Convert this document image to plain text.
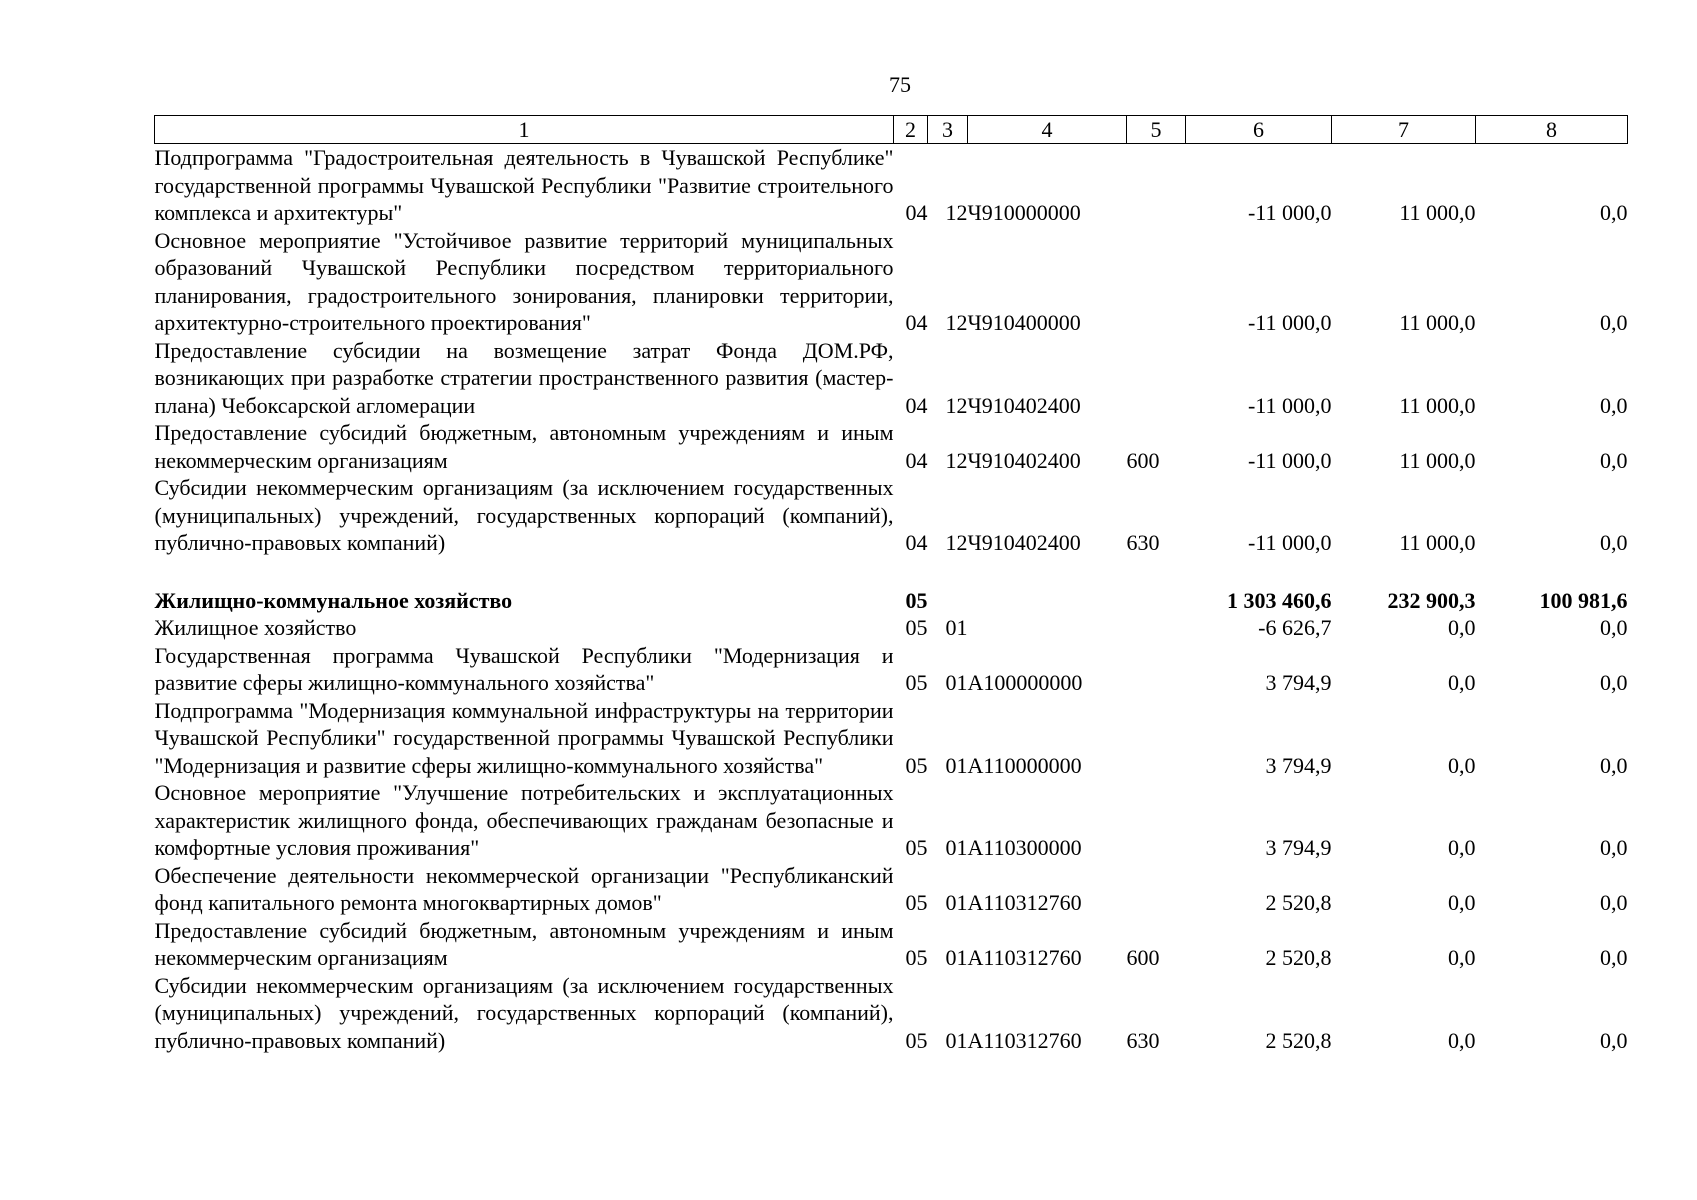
75
1	2	3	4	5	6	7	8
Подпрограмма "Градостроительная деятельность в Чувашской Республике" государственной программы Чувашской Республики "Развитие строительного комплекса и архитектуры"	04	12	Ч910000000		-11 000,0	11 000,0	0,0
Основное мероприятие "Устойчивое развитие территорий муниципальных образований Чувашской Республики посредством территориального планирования, градостроительного зонирования, планировки территории, архитектурно-строительного проектирования"	04	12	Ч910400000		-11 000,0	11 000,0	0,0
Предоставление субсидии на возмещение затрат Фонда ДОМ.РФ, возникающих при разработке стратегии пространственного развития (мастер-плана) Чебоксарской агломерации	04	12	Ч910402400		-11 000,0	11 000,0	0,0
Предоставление субсидий бюджетным, автономным учреждениям и иным некоммерческим организациям	04	12	Ч910402400	600	-11 000,0	11 000,0	0,0
Субсидии некоммерческим организациям (за исключением государственных (муниципальных) учреждений, государственных корпораций (компаний), публично-правовых компаний)	04	12	Ч910402400	630	-11 000,0	11 000,0	0,0

Жилищно-коммунальное хозяйство	05				1 303 460,6	232 900,3	100 981,6
Жилищное хозяйство	05	01			-6 626,7	0,0	0,0
Государственная программа Чувашской Республики "Модернизация и развитие сферы жилищно-коммунального хозяйства"	05	01	А100000000		3 794,9	0,0	0,0
Подпрограмма "Модернизация коммунальной инфраструктуры на территории Чувашской Республики" государственной программы Чувашской Республики "Модернизация и развитие сферы жилищно-коммунального хозяйства"	05	01	А110000000		3 794,9	0,0	0,0
Основное мероприятие "Улучшение потребительских и эксплуатационных характеристик жилищного фонда, обеспечивающих гражданам безопасные и комфортные условия проживания"	05	01	А110300000		3 794,9	0,0	0,0
Обеспечение деятельности некоммерческой организации "Республиканский фонд капитального ремонта многоквартирных домов"	05	01	А110312760		2 520,8	0,0	0,0
Предоставление субсидий бюджетным, автономным учреждениям и иным некоммерческим организациям	05	01	А110312760	600	2 520,8	0,0	0,0
Субсидии некоммерческим организациям (за исключением государственных (муниципальных) учреждений, государственных корпораций (компаний), публично-правовых компаний)	05	01	А110312760	630	2 520,8	0,0	0,0
